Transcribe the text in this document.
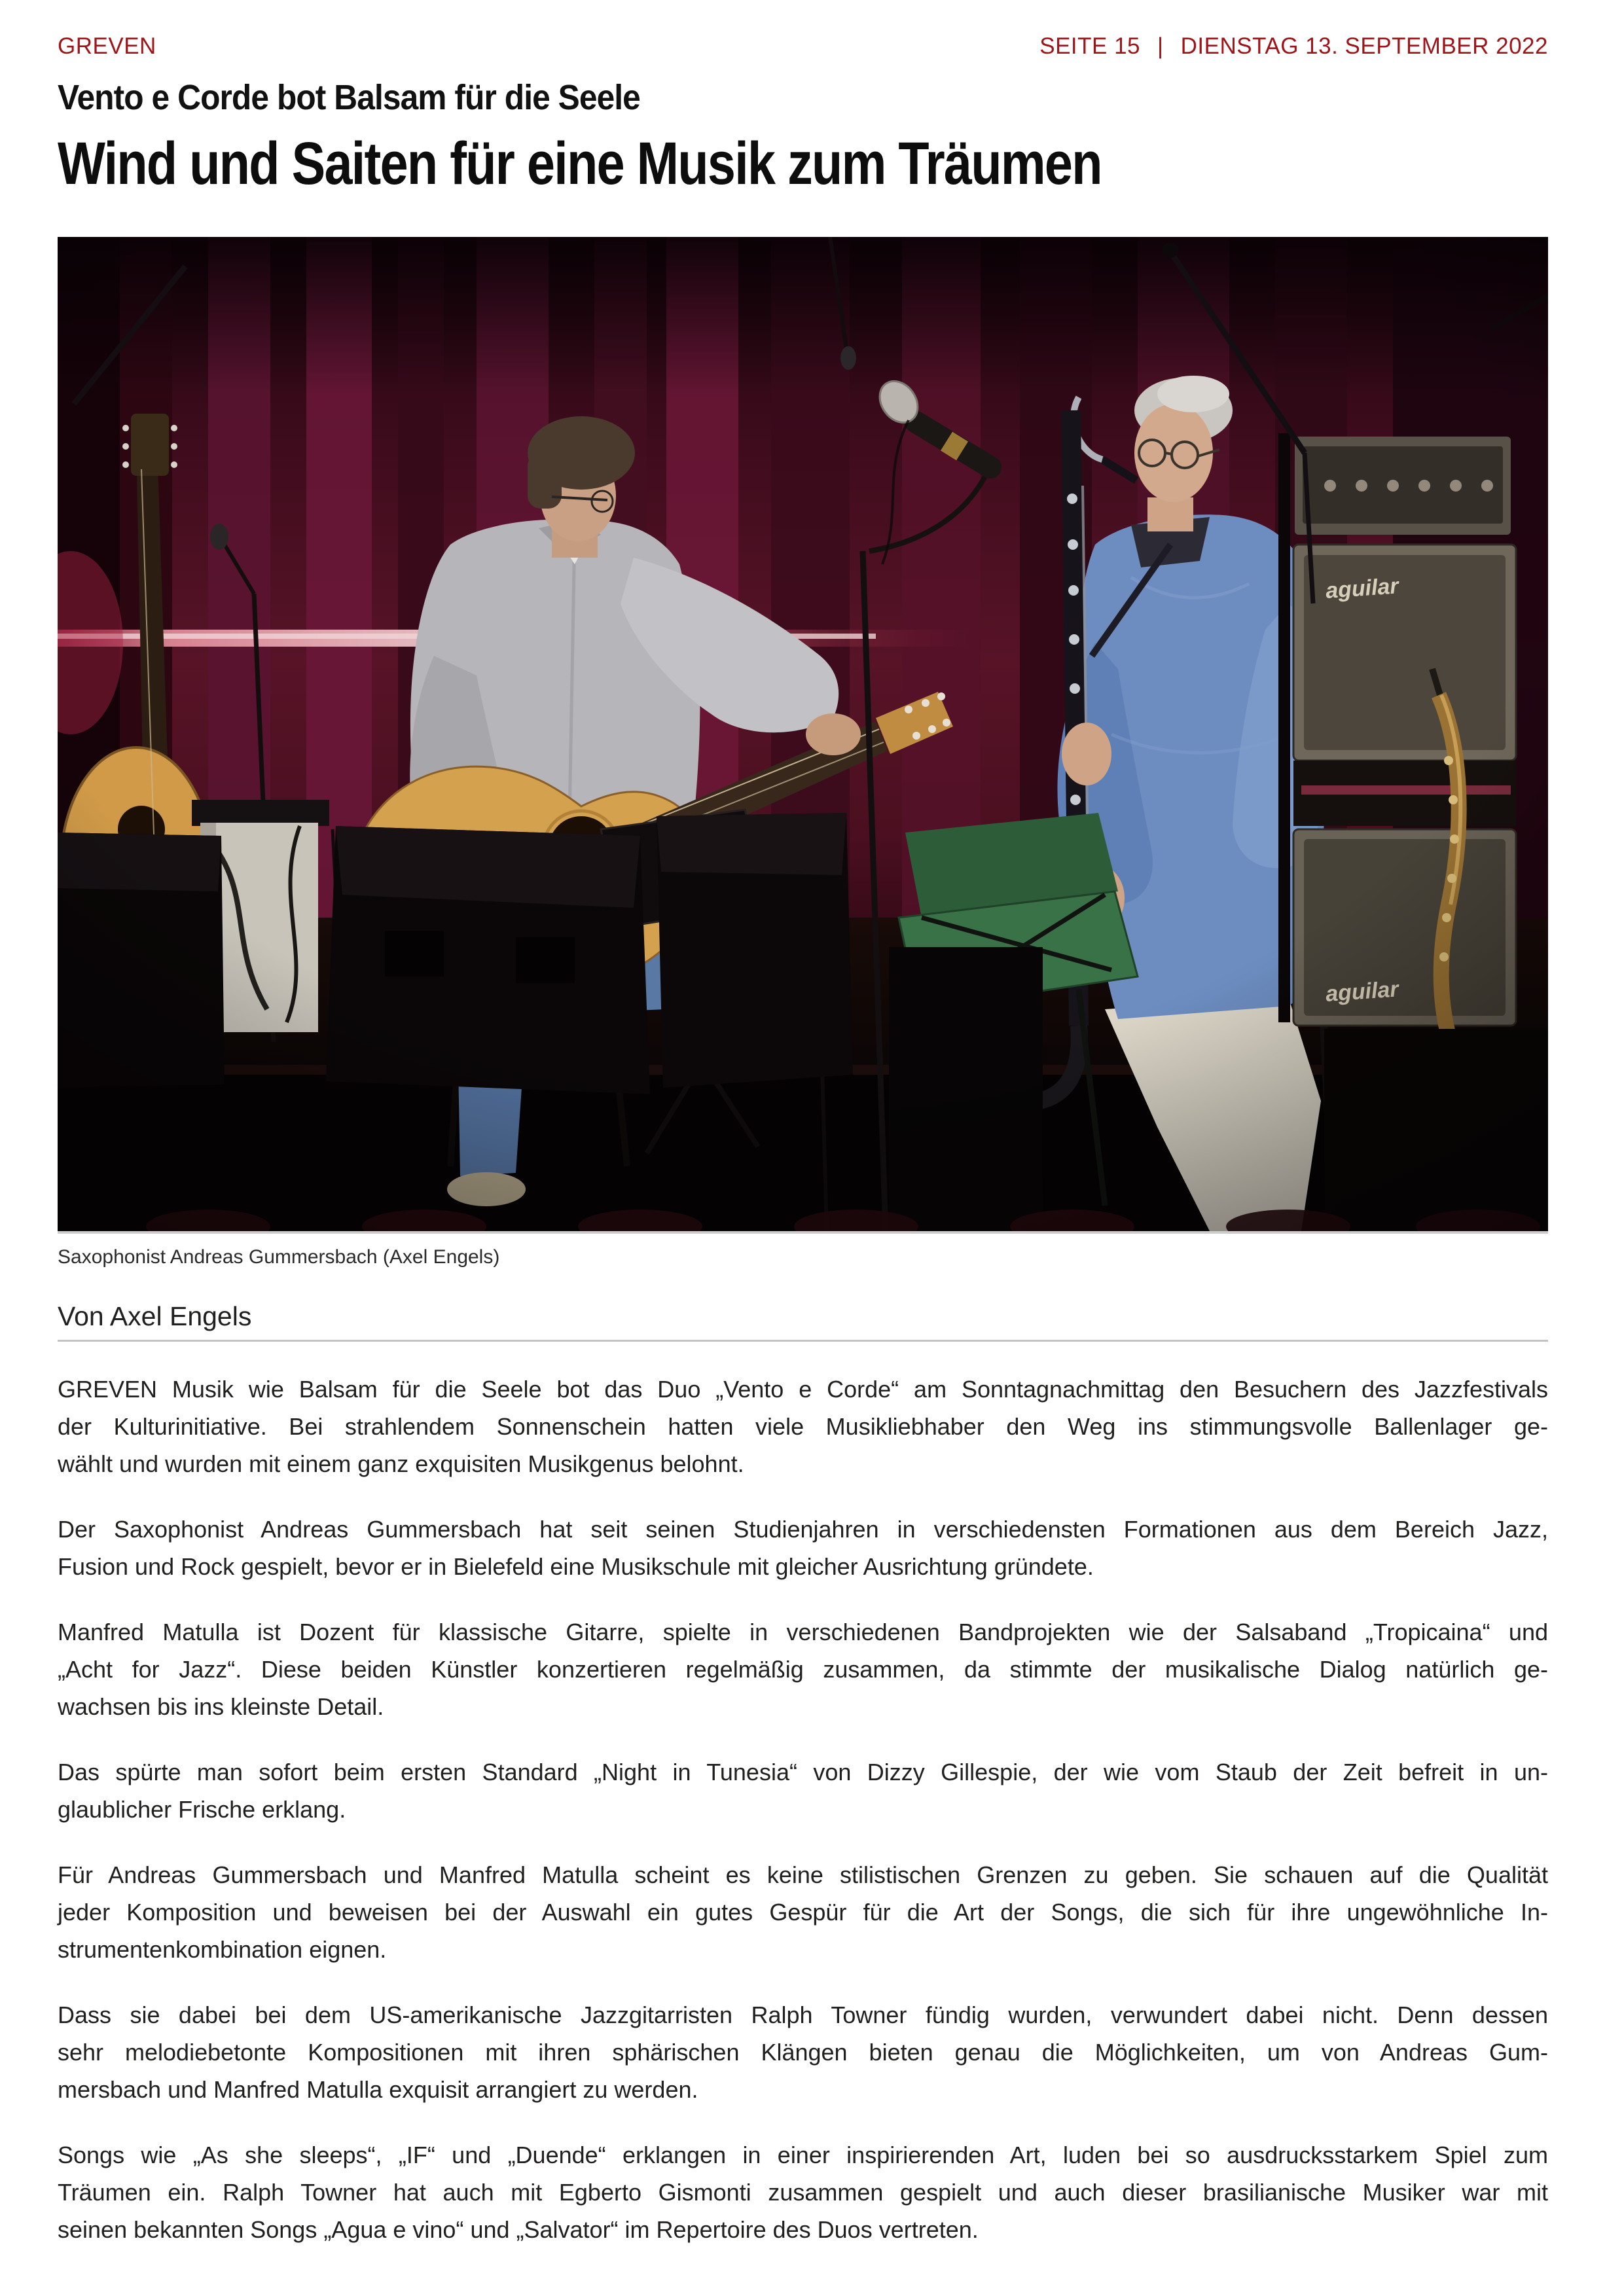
GREVEN	SEITE 15 | DIENSTAG 13. SEPTEMBER 2022
Vento e Corde bot Balsam für die Seele
Wind und Saiten für eine Musik zum Träumen
Saxophonist Andreas Gummersbach (Axel Engels)
Von Axel Engels

GREVEN Musik wie Balsam für die Seele bot das Duo „Vento e Corde“ am Sonntagnachmittag den Besuchern des Jazzfestivals
der Kulturinitiative. Bei strahlendem Sonnenschein hatten viele Musikliebhaber den Weg ins stimmungsvolle Ballenlager ge-
wählt und wurden mit einem ganz exquisiten Musikgenus belohnt.

Der Saxophonist Andreas Gummersbach hat seit seinen Studienjahren in verschiedensten Formationen aus dem Bereich Jazz,
Fusion und Rock gespielt, bevor er in Bielefeld eine Musikschule mit gleicher Ausrichtung gründete.

Manfred Matulla ist Dozent für klassische Gitarre, spielte in verschiedenen Bandprojekten wie der Salsaband „Tropicaina“ und
„Acht for Jazz“. Diese beiden Künstler konzertieren regelmäßig zusammen, da stimmte der musikalische Dialog natürlich ge-
wachsen bis ins kleinste Detail.

Das spürte man sofort beim ersten Standard „Night in Tunesia“ von Dizzy Gillespie, der wie vom Staub der Zeit befreit in un-
glaublicher Frische erklang.

Für Andreas Gummersbach und Manfred Matulla scheint es keine stilistischen Grenzen zu geben. Sie schauen auf die Qualität
jeder Komposition und beweisen bei der Auswahl ein gutes Gespür für die Art der Songs, die sich für ihre ungewöhnliche In-
strumentenkombination eignen.

Dass sie dabei bei dem US-amerikanische Jazzgitarristen Ralph Towner fündig wurden, verwundert dabei nicht. Denn dessen
sehr melodiebetonte Kompositionen mit ihren sphärischen Klängen bieten genau die Möglichkeiten, um von Andreas Gum-
mersbach und Manfred Matulla exquisit arrangiert zu werden.

Songs wie „As she sleeps“, „IF“ und „Duende“ erklangen in einer inspirierenden Art, luden bei so ausdrucksstarkem Spiel zum
Träumen ein. Ralph Towner hat auch mit Egberto Gismonti zusammen gespielt und auch dieser brasilianische Musiker war mit
seinen bekannten Songs „Agua e vino“ und „Salvator“ im Repertoire des Duos vertreten.
